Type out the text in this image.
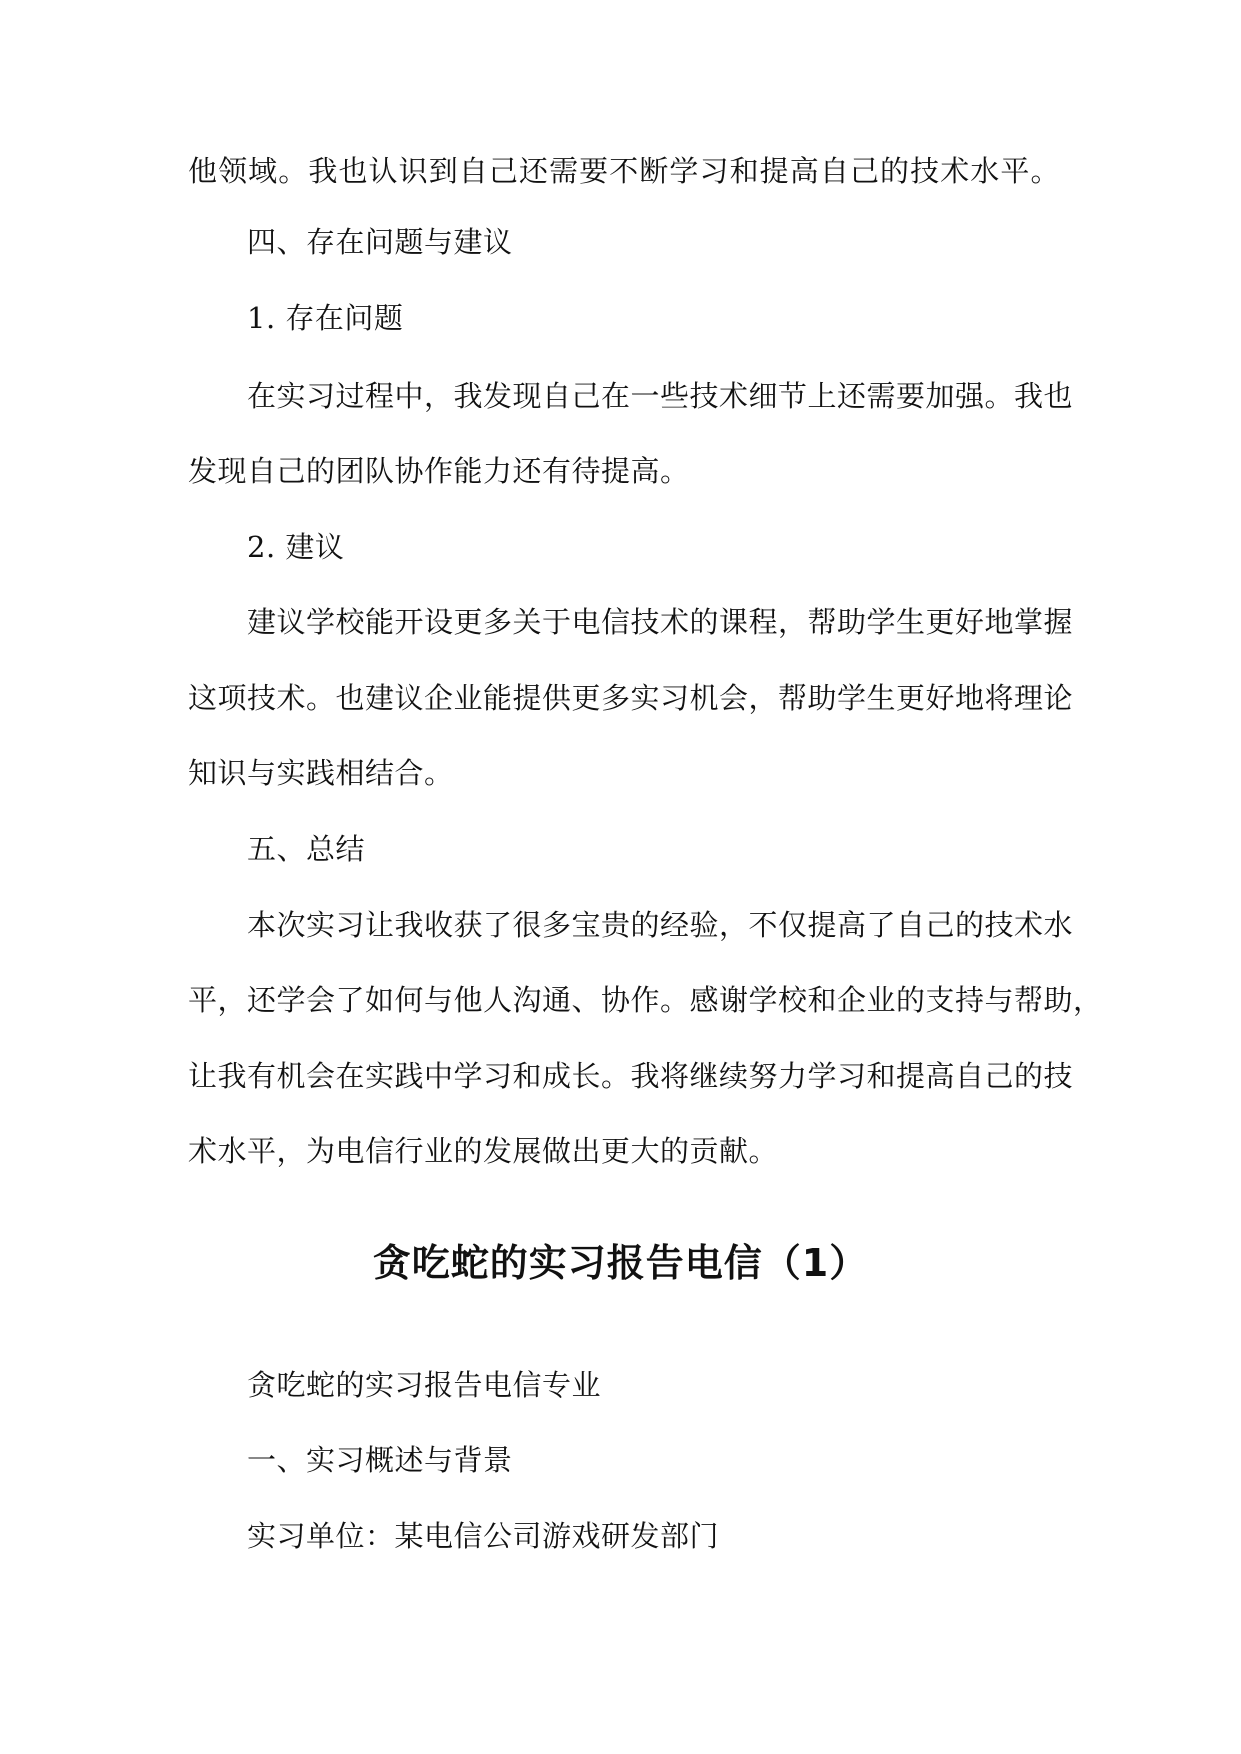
他领域。我也认识到自己还需要不断学习和提高自己的技术水平。
四、存在问题与建议
1. 存在问题
在实习过程中，我发现自己在一些技术细节上还需要加强。我也
发现自己的团队协作能力还有待提高。
2. 建议
建议学校能开设更多关于电信技术的课程，帮助学生更好地掌握
这项技术。也建议企业能提供更多实习机会，帮助学生更好地将理论
知识与实践相结合。
五、总结
本次实习让我收获了很多宝贵的经验，不仅提高了自己的技术水
平，还学会了如何与他人沟通、协作。感谢学校和企业的支持与帮助，
让我有机会在实践中学习和成长。我将继续努力学习和提高自己的技
术水平，为电信行业的发展做出更大的贡献。
贪吃蛇的实习报告电信（1）
贪吃蛇的实习报告电信专业
一、实习概述与背景
实习单位：某电信公司游戏研发部门
